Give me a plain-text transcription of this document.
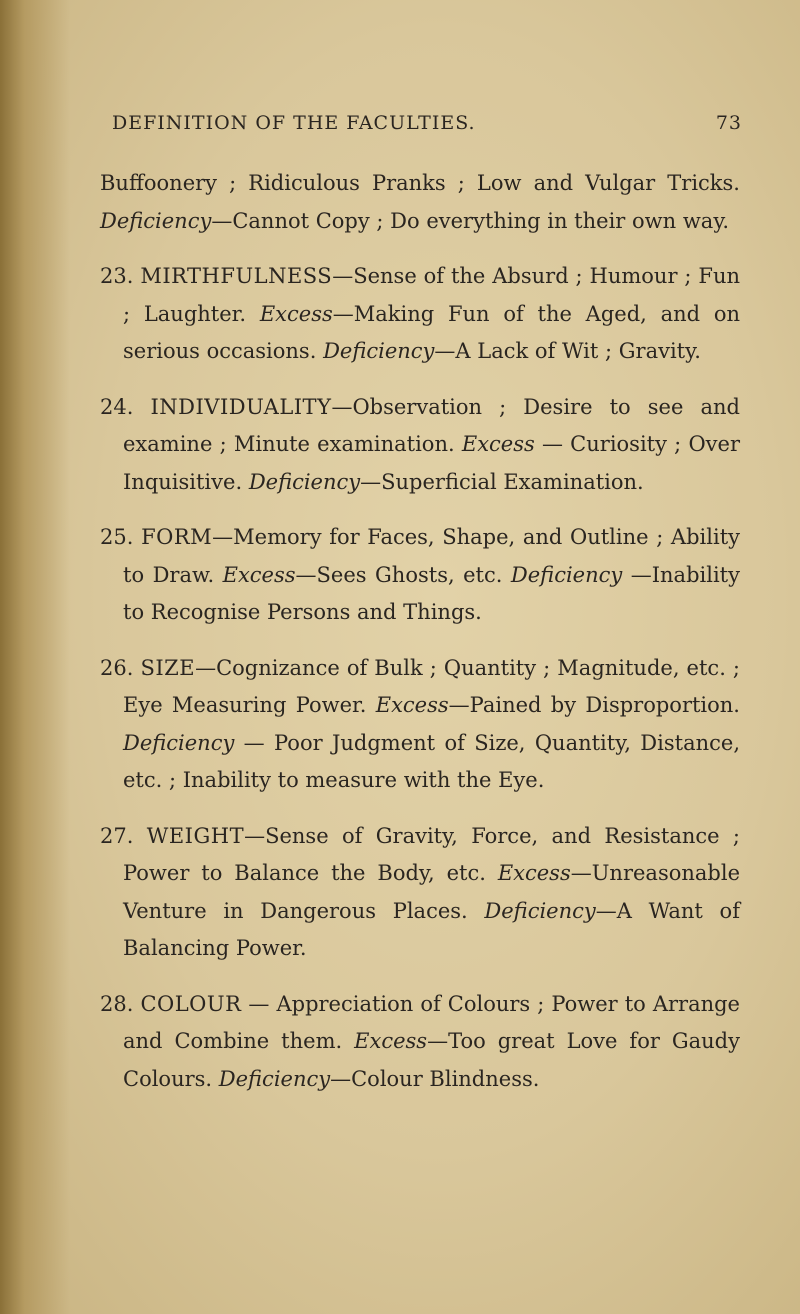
DEFINITION OF THE FACULTIES.	73

Buffoonery ; Ridiculous Pranks ; Low and Vulgar Tricks. Deficiency—Cannot Copy ; Do everything in their own way.

23. MIRTHFULNESS—Sense of the Absurd ; Humour ; Fun ; Laughter. Excess—Making Fun of the Aged, and on serious occasions. Deficiency—A Lack of Wit ; Gravity.

24. INDIVIDUALITY—Observation ; Desire to see and examine ; Minute examination. Excess — Curiosity ; Over Inquisitive. Deficiency—Superficial Examination.

25. FORM—Memory for Faces, Shape, and Outline ; Ability to Draw. Excess—Sees Ghosts, etc. Deficiency —Inability to Recognise Persons and Things.

26. SIZE—Cognizance of Bulk ; Quantity ; Magnitude, etc. ; Eye Measuring Power. Excess—Pained by Disproportion. Deficiency — Poor Judgment of Size, Quantity, Distance, etc. ; Inability to measure with the Eye.

27. WEIGHT—Sense of Gravity, Force, and Resistance ; Power to Balance the Body, etc. Excess—Unreasonable Venture in Dangerous Places. Deficiency—A Want of Balancing Power.

28. COLOUR — Appreciation of Colours ; Power to Arrange and Combine them. Excess—Too great Love for Gaudy Colours. Deficiency—Colour Blindness.
